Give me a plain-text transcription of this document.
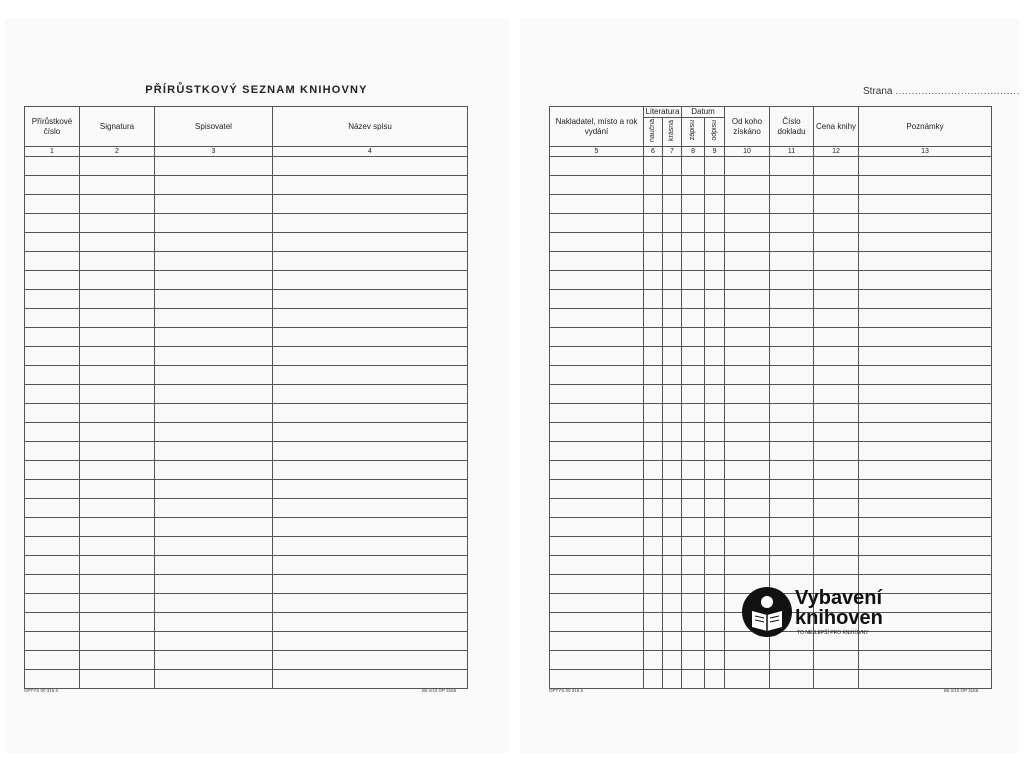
PŘÍRŮSTKOVÝ SEZNAM KNIHOVNY
Přírůstkové číslo	Signatura	Spisovatel	Název spisu
1	2	3	4

OPTYS 00 316 6	B5 s/10 OP 3166
Strana ......................................
Nakladatel, místo a rok vydání	Literatura		Datum		Od koho získáno	Číslo dokladu	Cena knihy	Poznámky
	naučná	krásná	zápisu	odpisu				
5	6	7	8	9	10	11	12	13

OPTYS 00 316 6	B5 s/10 OP 3166
Vybavení
knihoven
TO NEJLEPŠÍ PRO KNIHOVNY
